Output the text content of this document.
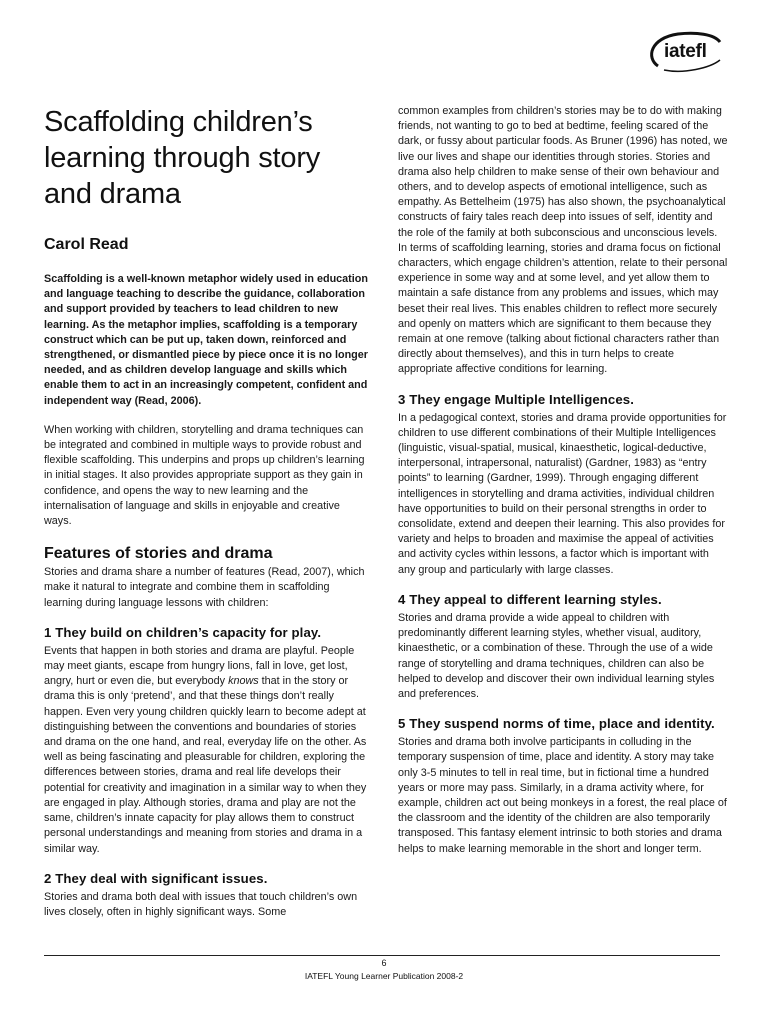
iatefl
Scaffolding children’s learning through story and drama
Carol Read

Scaffolding is a well-known metaphor widely used in education and language teaching to describe the guidance, collaboration and support provided by teachers to lead children to new learning. As the metaphor implies, scaffolding is a temporary construct which can be put up, taken down, reinforced and strengthened, or dismantled piece by piece once it is no longer needed, and as children develop language and skills which enable them to act in an increasingly competent, confident and independent way (Read, 2006).

When working with children, storytelling and drama techniques can be integrated and combined in multiple ways to provide robust and flexible scaffolding. This underpins and props up children’s learning in initial stages. It also provides appropriate support as they gain in confidence, and opens the way to new learning and the internalisation of language and skills in enjoyable and creative ways.

Features of stories and drama

Stories and drama share a number of features (Read, 2007), which make it natural to integrate and combine them in scaffolding learning during language lessons with children:

1 They build on children’s capacity for play.

Events that happen in both stories and drama are playful. People may meet giants, escape from hungry lions, fall in love, get lost, angry, hurt or even die, but everybody knows that in the story or drama this is only ‘pretend’, and that these things don’t really happen. Even very young children quickly learn to become adept at distinguishing between the conventions and boundaries of stories and drama on the one hand, and real, everyday life on the other. As well as being fascinating and pleasurable for children, exploring the differences between stories, drama and real life develops their potential for creativity and imagination in a similar way to when they are engaged in play. Although stories, drama and play are not the same, children’s innate capacity for play allows them to construct personal understandings and meaning from stories and drama in a similar way.

2 They deal with significant issues.

Stories and drama both deal with issues that touch children’s own lives closely, often in highly significant ways. Some

common examples from children’s stories may be to do with making friends, not wanting to go to bed at bedtime, feeling scared of the dark, or fussy about particular foods. As Bruner (1996) has noted, we live our lives and shape our identities through stories. Stories and drama also help children to make sense of their own behaviour and others, and to develop aspects of emotional intelligence, such as empathy. As Bettelheim (1975) has also shown, the psychoanalytical constructs of fairy tales reach deep into issues of self, identity and the role of the family at both subconscious and unconscious levels. In terms of scaffolding learning, stories and drama focus on fictional characters, which engage children’s attention, relate to their personal experience in some way and at some level, and yet allow them to maintain a safe distance from any problems and issues, which may beset their real lives. This enables children to reflect more securely and openly on matters which are significant to them because they remain at one remove (talking about fictional characters rather than directly about themselves), and this in turn helps to create appropriate affective conditions for learning.

3 They engage Multiple Intelligences.

In a pedagogical context, stories and drama provide opportunities for children to use different combinations of their Multiple Intelligences (linguistic, visual-spatial, musical, kinaesthetic, logical-deductive, interpersonal, intrapersonal, naturalist) (Gardner, 1983) as “entry points” to learning (Gardner, 1999). Through engaging different intelligences in storytelling and drama activities, individual children have opportunities to build on their personal strengths in order to consolidate, extend and deepen their learning. This also provides for variety and helps to broaden and maximise the appeal of activities and activity cycles within lessons, a factor which is important with any group and particularly with large classes.

4 They appeal to different learning styles.

Stories and drama provide a wide appeal to children with predominantly different learning styles, whether visual, auditory, kinaesthetic, or a combination of these. Through the use of a wide range of storytelling and drama techniques, children can also be helped to develop and discover their own individual learning styles and preferences.

5 They suspend norms of time, place and identity.

Stories and drama both involve participants in colluding in the temporary suspension of time, place and identity. A story may take only 3-5 minutes to tell in real time, but in fictional time a hundred years or more may pass. Similarly, in a drama activity where, for example, children act out being monkeys in a forest, the real place of the classroom and the identity of the children are also temporarily transposed. This fantasy element intrinsic to both stories and drama helps to make learning memorable in the short and longer term.

6
IATEFL Young Learner Publication 2008-2
